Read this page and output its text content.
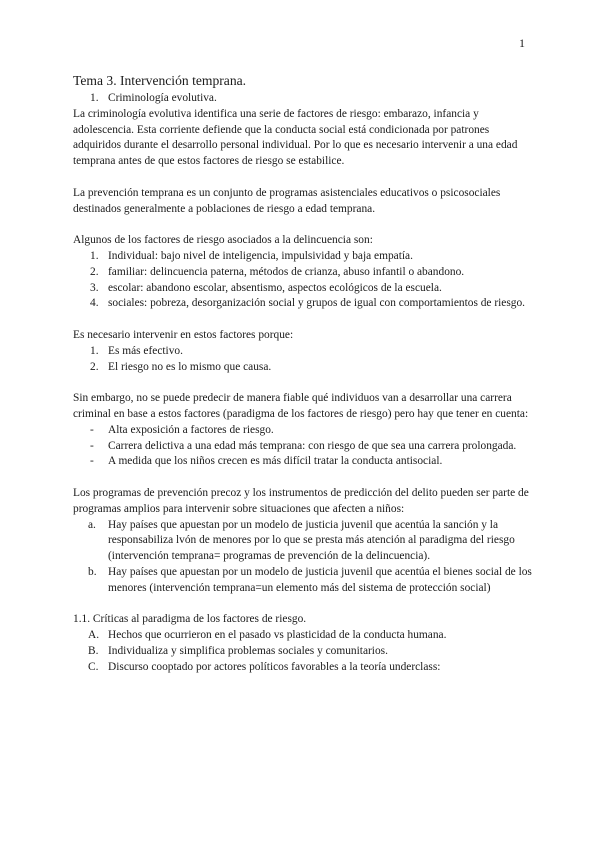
1
Tema 3. Intervención temprana.
1. Criminología evolutiva.

La criminología evolutiva identifica una serie de factores de riesgo: embarazo, infancia y adolescencia. Esta corriente defiende que la conducta social está condicionada por patrones adquiridos durante el desarrollo personal individual. Por lo que es necesario intervenir a una edad temprana antes de que estos factores de riesgo se estabilice.

La prevención temprana es un conjunto de programas asistenciales educativos o psicosociales destinados generalmente a poblaciones de riesgo a edad temprana.

Algunos de los factores de riesgo asociados a la delincuencia son:

1. Individual: bajo nivel de inteligencia, impulsividad y baja empatía.
2. familiar: delincuencia paterna, métodos de crianza, abuso infantil o abandono.
3. escolar: abandono escolar, absentismo, aspectos ecológicos de la escuela.
4. sociales: pobreza, desorganización social y grupos de igual con comportamientos de riesgo.

Es necesario intervenir en estos factores porque:

1. Es más efectivo.
2. El riesgo no es lo mismo que causa.

Sin embargo, no se puede predecir de manera fiable qué individuos van a desarrollar una carrera criminal en base a estos factores (paradigma de los factores de riesgo) pero hay que tener en cuenta:

- Alta exposición a factores de riesgo.
- Carrera delictiva a una edad más temprana: con riesgo de que sea una carrera prolongada.
- A medida que los niños crecen es más difícil tratar la conducta antisocial.

Los programas de prevención precoz y los instrumentos de predicción del delito pueden ser parte de programas amplios para intervenir sobre situaciones que afecten a niños:

a. Hay países que apuestan por un modelo de justicia juvenil que acentúa la sanción y la responsabiliza lvón de menores por lo que se presta más atención al paradigma del riesgo (intervención temprana= programas de prevención de la delincuencia).
b. Hay países que apuestan por un modelo de justicia juvenil que acentúa el bienes social de los menores (intervención temprana=un elemento más del sistema de protección social)

1.1. Críticas al paradigma de los factores de riesgo.

A. Hechos que ocurrieron en el pasado vs plasticidad de la conducta humana.
B. Individualiza y simplifica problemas sociales y comunitarios.
C. Discurso cooptado por actores políticos favorables a la teoría underclass:
